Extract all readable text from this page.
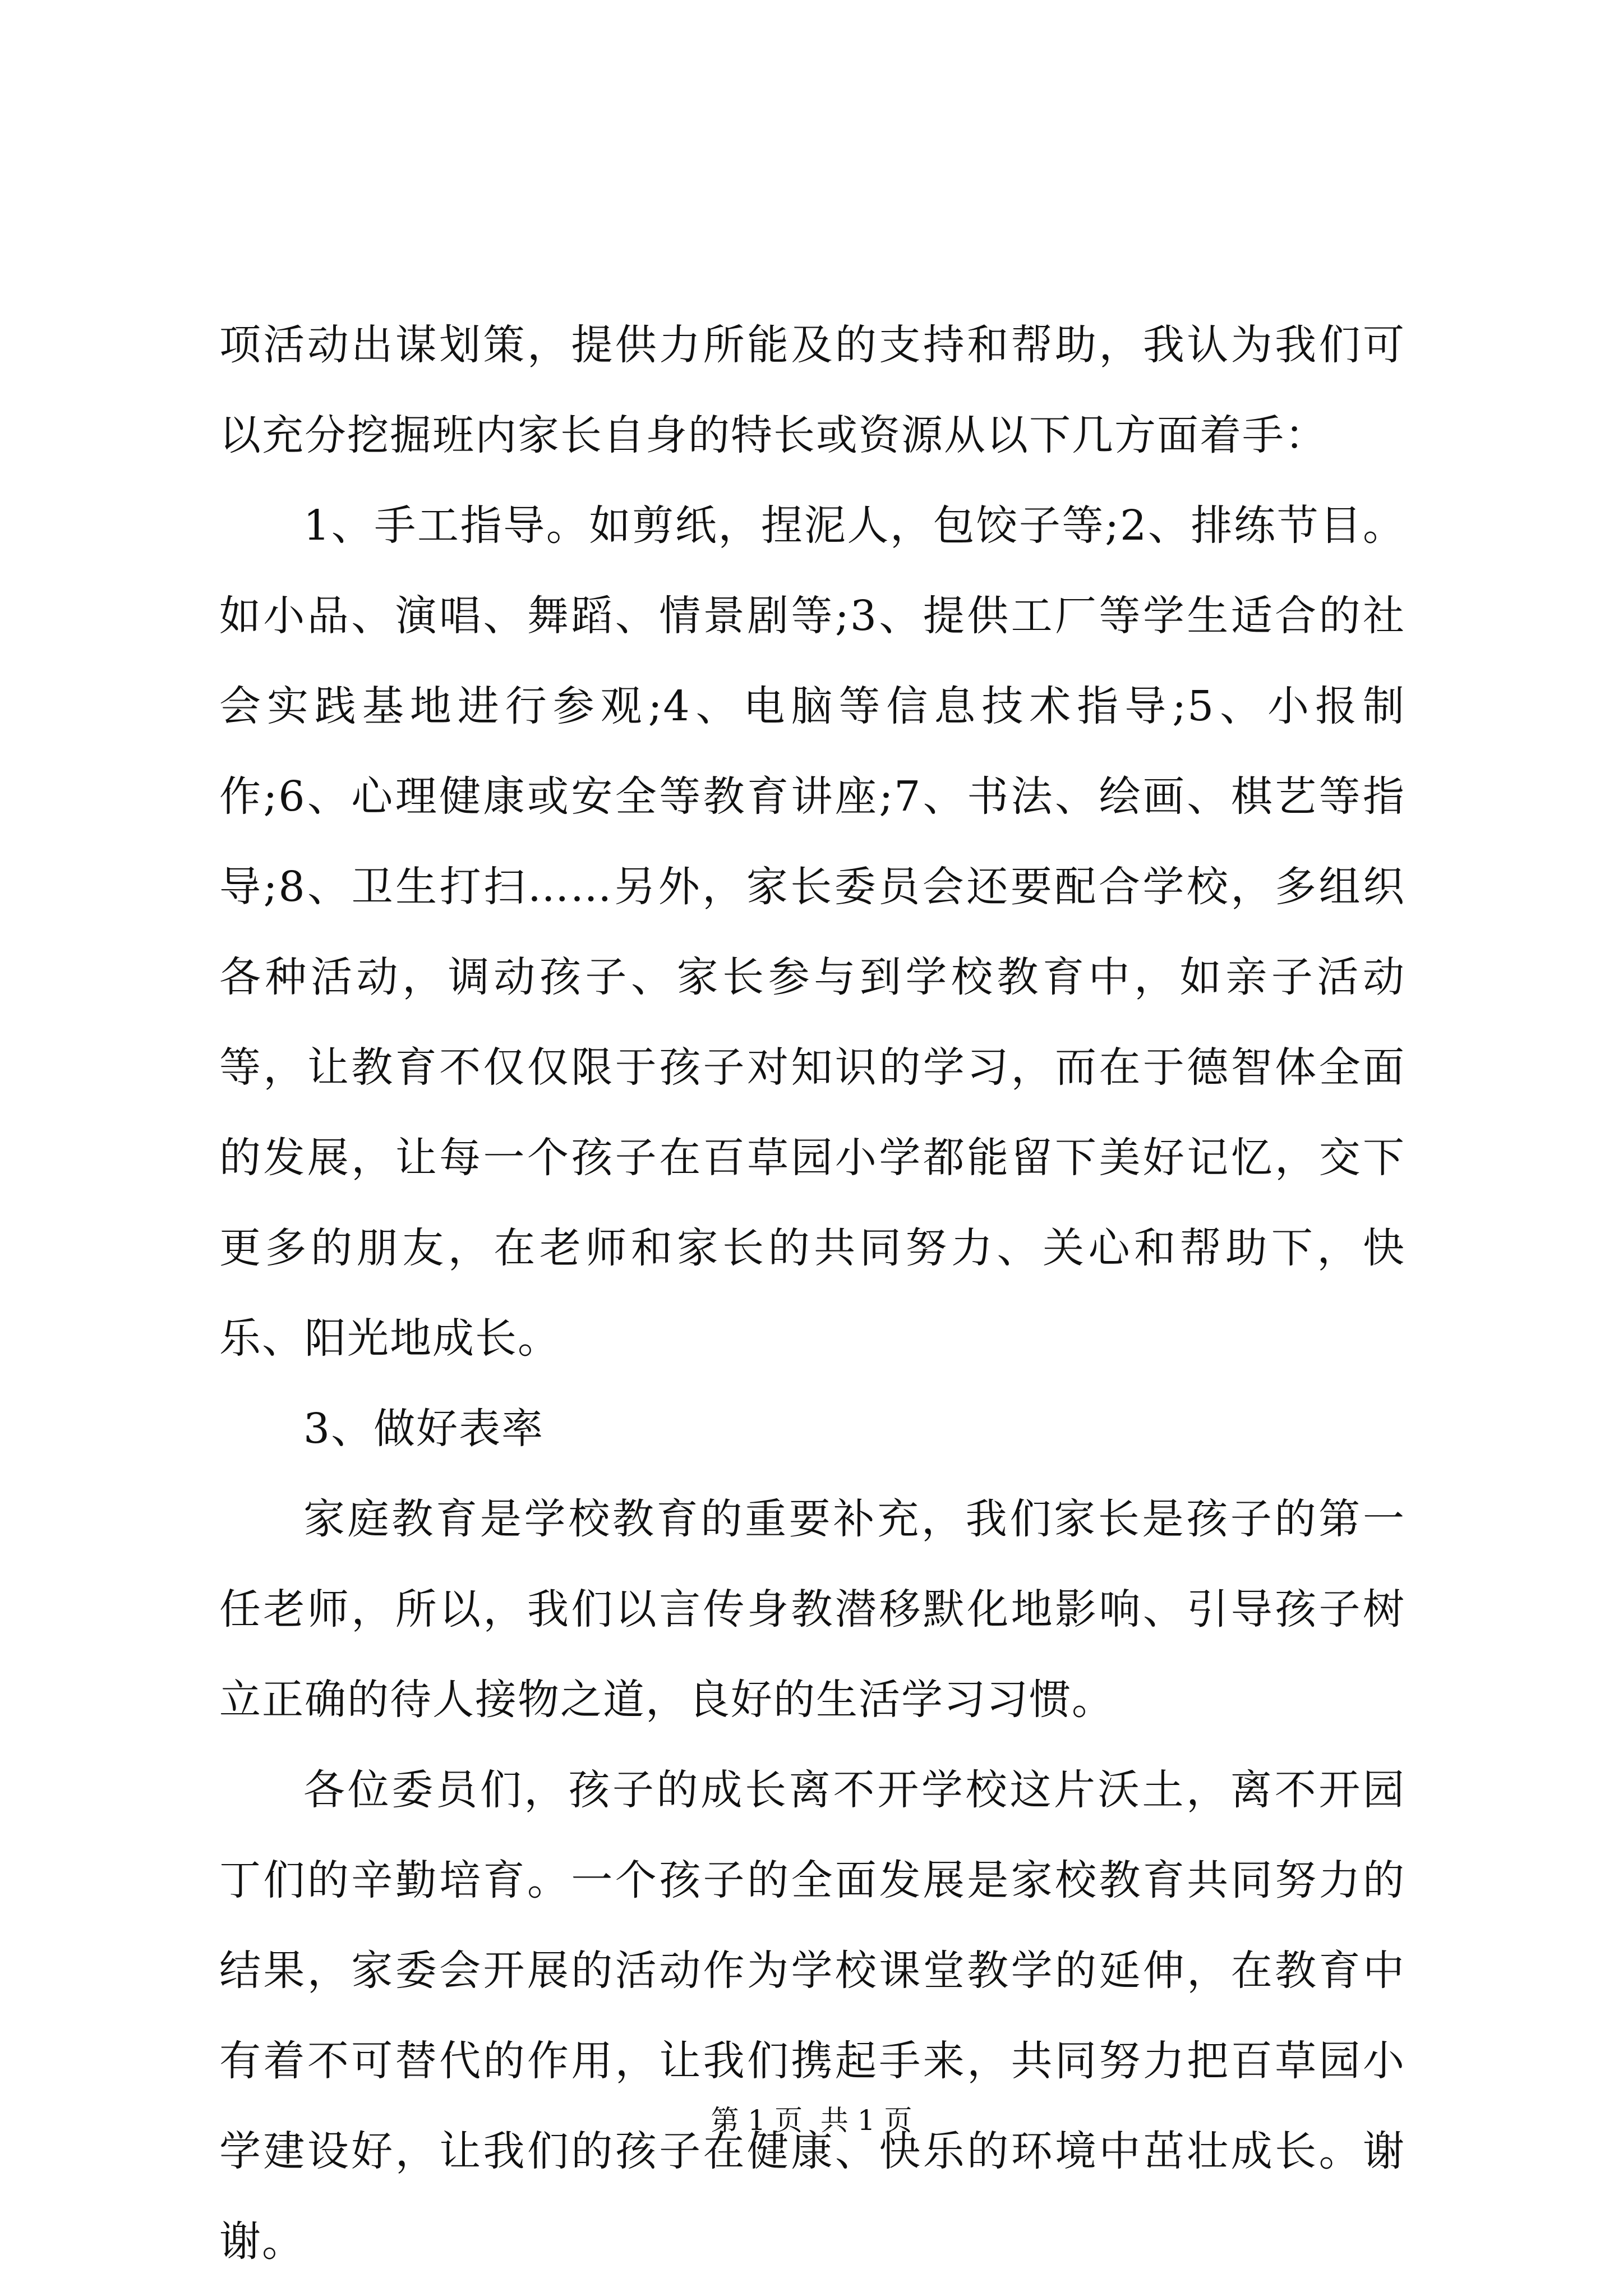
项活动出谋划策，提供力所能及的支持和帮助，我认为我们可以充分挖掘班内家长自身的特长或资源从以下几方面着手：

1、手工指导。如剪纸，捏泥人，包饺子等;2、排练节目。如小品、演唱、舞蹈、情景剧等;3、提供工厂等学生适合的社会实践基地进行参观;4、电脑等信息技术指导;5、小报制作;6、心理健康或安全等教育讲座;7、书法、绘画、棋艺等指导;8、卫生打扫……另外，家长委员会还要配合学校，多组织各种活动，调动孩子、家长参与到学校教育中，如亲子活动等，让教育不仅仅限于孩子对知识的学习，而在于德智体全面的发展，让每一个孩子在百草园小学都能留下美好记忆，交下更多的朋友，在老师和家长的共同努力、关心和帮助下，快乐、阳光地成长。

3、做好表率

家庭教育是学校教育的重要补充，我们家长是孩子的第一任老师，所以，我们以言传身教潜移默化地影响、引导孩子树立正确的待人接物之道，良好的生活学习习惯。

各位委员们，孩子的成长离不开学校这片沃土，离不开园丁们的辛勤培育。一个孩子的全面发展是家校教育共同努力的结果，家委会开展的活动作为学校课堂教学的延伸，在教育中有着不可替代的作用，让我们携起手来，共同努力把百草园小学建设好，让我们的孩子在健康、快乐的环境中茁壮成长。谢谢。

第 1 页  共 1 页
